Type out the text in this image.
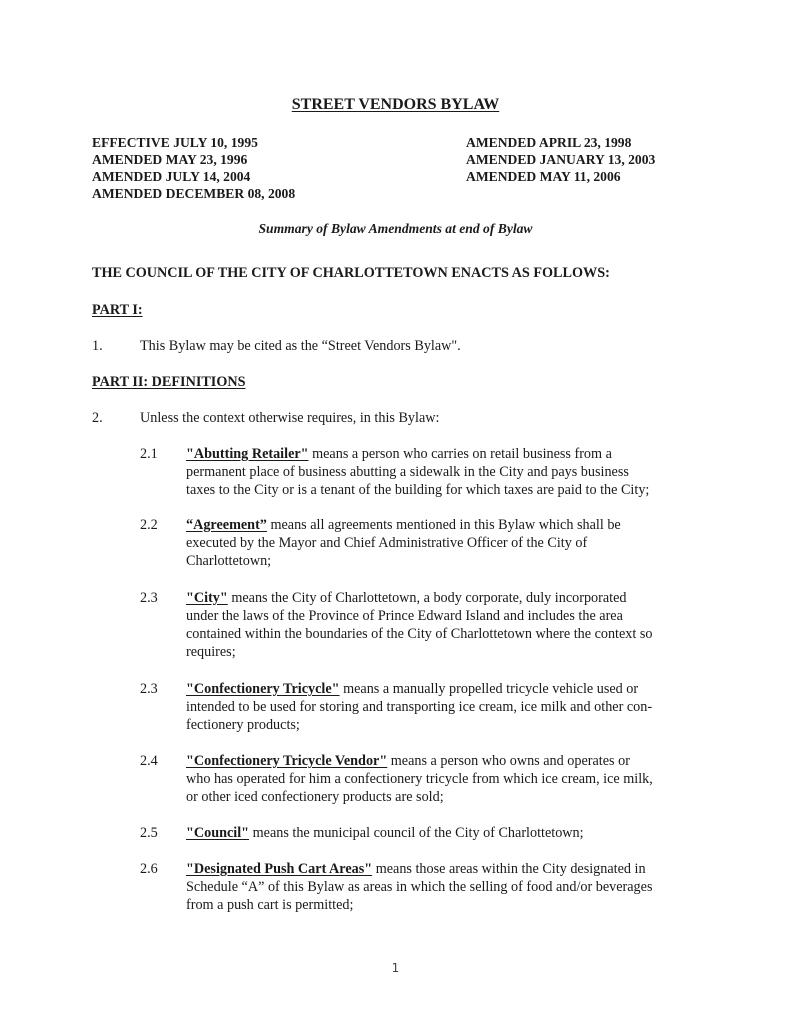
STREET VENDORS BYLAW
EFFECTIVE JULY 10, 1995
AMENDED MAY 23, 1996
AMENDED JULY 14, 2004
AMENDED DECEMBER 08, 2008
AMENDED APRIL 23, 1998
AMENDED JANUARY 13, 2003
AMENDED MAY 11, 2006
Summary of Bylaw Amendments at end of Bylaw
THE COUNCIL OF THE CITY OF CHARLOTTETOWN ENACTS AS FOLLOWS:
PART I:
1.	This Bylaw may be cited as the “Street Vendors Bylaw".
PART II: DEFINITIONS
2.	Unless the context otherwise requires, in this Bylaw:
2.1 "Abutting Retailer" means a person who carries on retail business from a
permanent place of business abutting a sidewalk in the City and pays business
taxes to the City or is a tenant of the building for which taxes are paid to the City;
2.2 “Agreement” means all agreements mentioned in this Bylaw which shall be
executed by the Mayor and Chief Administrative Officer of the City of
Charlottetown;
2.3 "City" means the City of Charlottetown, a body corporate, duly incorporated
under the laws of the Province of Prince Edward Island and includes the area
contained within the boundaries of the City of Charlottetown where the context so
requires;
2.3 "Confectionery Tricycle" means a manually propelled tricycle vehicle used or
intended to be used for storing and transporting ice cream, ice milk and other con-
fectionery products;
2.4 "Confectionery Tricycle Vendor" means a person who owns and operates or
who has operated for him a confectionery tricycle from which ice cream, ice milk,
or other iced confectionery products are sold;
2.5 "Council" means the municipal council of the City of Charlottetown;
2.6 "Designated Push Cart Areas" means those areas within the City designated in
Schedule “A” of this Bylaw as areas in which the selling of food and/or beverages
from a push cart is permitted;
1
